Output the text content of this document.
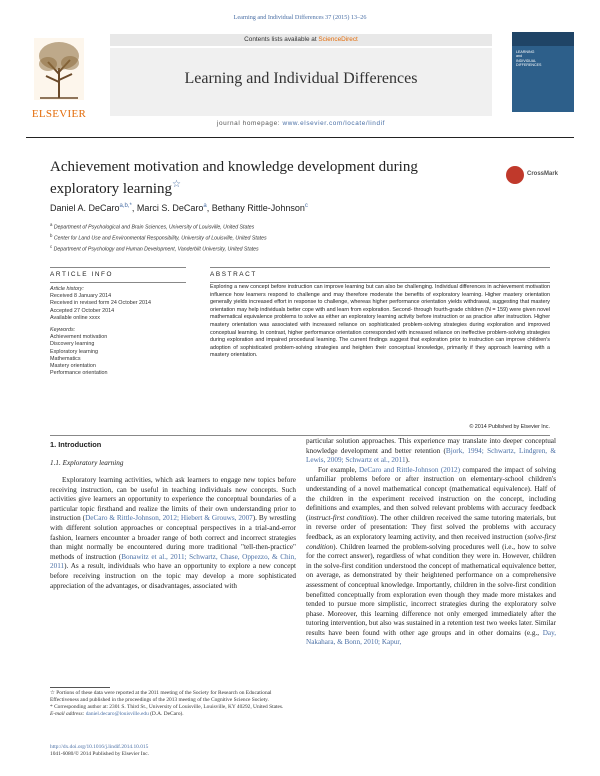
Learning and Individual Differences 37 (2015) 13–26
ELSEVIER
Contents lists available at ScienceDirect
Learning and Individual Differences
journal homepage: www.elsevier.com/locate/lindif
LEARNING
and
INDIVIDUAL
DIFFERENCES
Achievement motivation and knowledge development during exploratory learning☆
CrossMark
Daniel A. DeCaro$^{a,b,*}$, Marci S. DeCaro$^a$, Bethany Rittle-Johnson$^c$
$^a$ Department of Psychological and Brain Sciences, University of Louisville, United States
$^b$ Center for Land Use and Environmental Responsibility, University of Louisville, United States
$^c$ Department of Psychology and Human Development, Vanderbilt University, United States
ARTICLE INFO	ABSTRACT
Article history:
Received 8 January 2014
Received in revised form 24 October 2014
Accepted 27 October 2014
Available online xxxx
Keywords:
Achievement motivation
Discovery learning
Exploratory learning
Mathematics
Mastery orientation
Performance orientation
Exploring a new concept before instruction can improve learning but can also be challenging. Individual differences in achievement motivation influence how learners respond to challenge and may therefore moderate the benefits of exploratory learning. Higher mastery orientation generally yields increased effort in response to challenge, whereas higher performance orientation yields withdrawal, suggesting that mastery orientation may help individuals better cope with and learn from exploration. Second- through fourth-grade children (N = 159) were given novel mathematical equivalence problems to solve as either an exploratory learning activity before instruction or as practice after instruction. Higher mastery orientation was associated with increased reliance on sophisticated problem-solving strategies during exploration and improved conceptual learning. In contrast, higher performance orientation corresponded with increased reliance on ineffective problem-solving strategies during exploration and impaired procedural learning. The current findings suggest that exploration prior to instruction can improve children's adoption of sophisticated problem-solving strategies and heighten their conceptual knowledge, primarily if they approach learning with a mastery orientation.
© 2014 Published by Elsevier Inc.
1. Introduction
1.1. Exploratory learning
Exploratory learning activities, which ask learners to engage new topics before receiving instruction, can be useful in teaching individuals new concepts. Such activities give learners an opportunity to experience the conceptual boundaries of a particular topic firsthand and realize the limits of their own understanding prior to instruction (DeCaro & Rittle-Johnson, 2012; Hiebert & Grouws, 2007). By wrestling with different solution approaches or conceptual perspectives in a trial-and-error fashion, learners encounter a broader range of both correct and incorrect strategies than might normally be encountered during more traditional "tell-then-practice" methods of instruction (Bonawitz et al., 2011; Schwartz, Chase, Oppezzo, & Chin, 2011). As a result, individuals who have an opportunity to explore a new concept before receiving instruction on the topic may develop a more sophisticated appreciation of the advantages, or disadvantages, associated with
particular solution approaches. This experience may translate into deeper conceptual knowledge development and better retention (Bjork, 1994; Schwartz, Lindgren, & Lewis, 2009; Schwartz et al., 2011).
For example, DeCaro and Rittle-Johnson (2012) compared the impact of solving unfamiliar problems before or after instruction on elementary-school children's understanding of a novel mathematical concept (mathematical equivalence). Half of the children in the experiment received instruction on the concept, including definitions and examples, and then solved relevant problems with accuracy feedback (instruct-first condition). The other children received the same tutoring materials, but in reverse order of presentation: They first solved the problems with accuracy feedback, as an exploratory learning activity, and then received instruction (solve-first condition). Children learned the problem-solving procedures well (i.e., how to solve for the correct answer), regardless of what condition they were in. However, children in the solve-first condition understood the concept of mathematical equivalence better, on average, as demonstrated by their heightened performance on a comprehensive assessment of conceptual knowledge. Importantly, children in the solve-first condition benefitted conceptually from exploration even though they made more mistakes and tended to pursue more simplistic, incorrect strategies during the exploratory solve phase. Moreover, this learning difference not only emerged immediately after the tutoring intervention, but also was sustained in a retention test two weeks later. Similar results have been found with other age groups and in other domains (e.g., Day, Nakahara, & Bonn, 2010; Kapur,
☆ Portions of these data were reported at the 2011 meeting of the Society for Research on Educational Effectiveness and published in the proceedings of the 2013 meeting of the Cognitive Science Society.
* Corresponding author at: 2301 S. Third St., University of Louisville, Louisville, KY 40292, United States.
E-mail address: daniel.decaro@louisville.edu (D.A. DeCaro).
http://dx.doi.org/10.1016/j.lindif.2014.10.015
1041-6080/© 2014 Published by Elsevier Inc.
